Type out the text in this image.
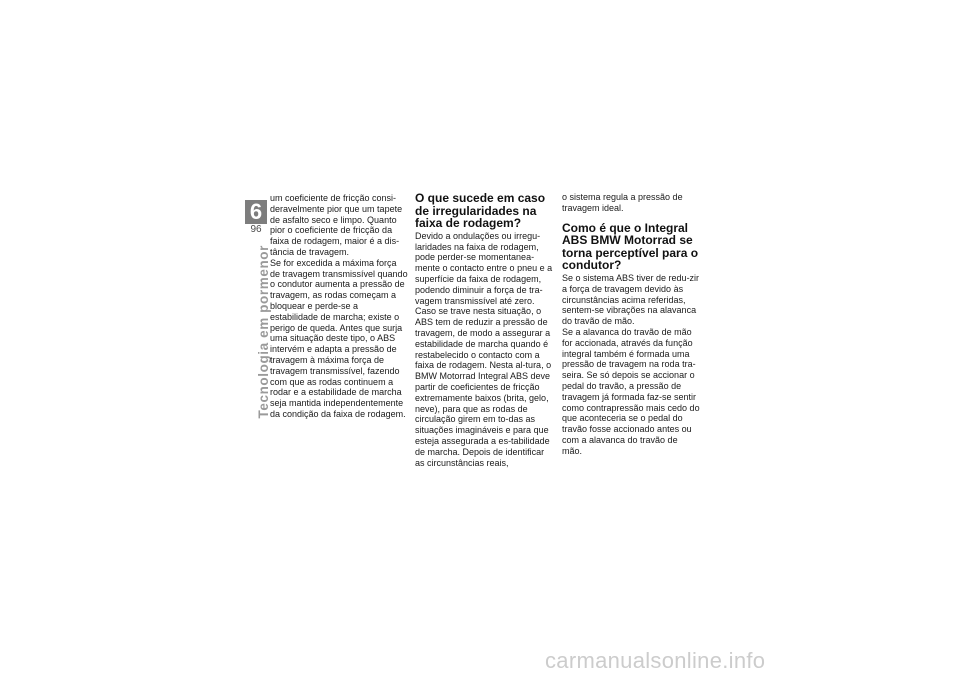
6
96
Tecnologia em pormenor

um coeficiente de fricção consi-deravelmente pior que um tapete de asfalto seco e limpo. Quanto pior o coeficiente de fricção da faixa de rodagem, maior é a dis-tância de travagem.

Se for excedida a máxima força de travagem transmissível quando o condutor aumenta a pressão de travagem, as rodas começam a bloquear e perde-se a estabilidade de marcha; existe o perigo de queda. Antes que surja uma situação deste tipo, o ABS intervém e adapta a pressão de travagem à máxima força de travagem transmissível, fazendo com que as rodas continuem a rodar e a estabilidade de marcha seja mantida independentemente da condição da faixa de rodagem.

O que sucede em caso de irregularidades na faixa de rodagem?

Devido a ondulações ou irregu-laridades na faixa de rodagem, pode perder-se momentanea-mente o contacto entre o pneu e a superfície da faixa de rodagem, podendo diminuir a força de tra-vagem transmissível até zero.

Caso se trave nesta situação, o ABS tem de reduzir a pressão de travagem, de modo a assegurar a estabilidade de marcha quando é restabelecido o contacto com a faixa de rodagem. Nesta al-tura, o BMW Motorrad Integral ABS deve partir de coeficientes de fricção extremamente baixos (brita, gelo, neve), para que as rodas de circulação girem em to-das as situações imagináveis e para que esteja assegurada a es-tabilidade de marcha. Depois de identificar as circunstâncias reais,

o sistema regula a pressão de travagem ideal.

Como é que o Integral ABS BMW Motorrad se torna perceptível para o condutor?

Se o sistema ABS tiver de redu-zir a força de travagem devido às circunstâncias acima referidas, sentem-se vibrações na alavanca do travão de mão.

Se a alavanca do travão de mão for accionada, através da função integral também é formada uma pressão de travagem na roda tra-seira. Se só depois se accionar o pedal do travão, a pressão de travagem já formada faz-se sentir como contrapressão mais cedo do que aconteceria se o pedal do travão fosse accionado antes ou com a alavanca do travão de mão.

carmanualsonline.info
